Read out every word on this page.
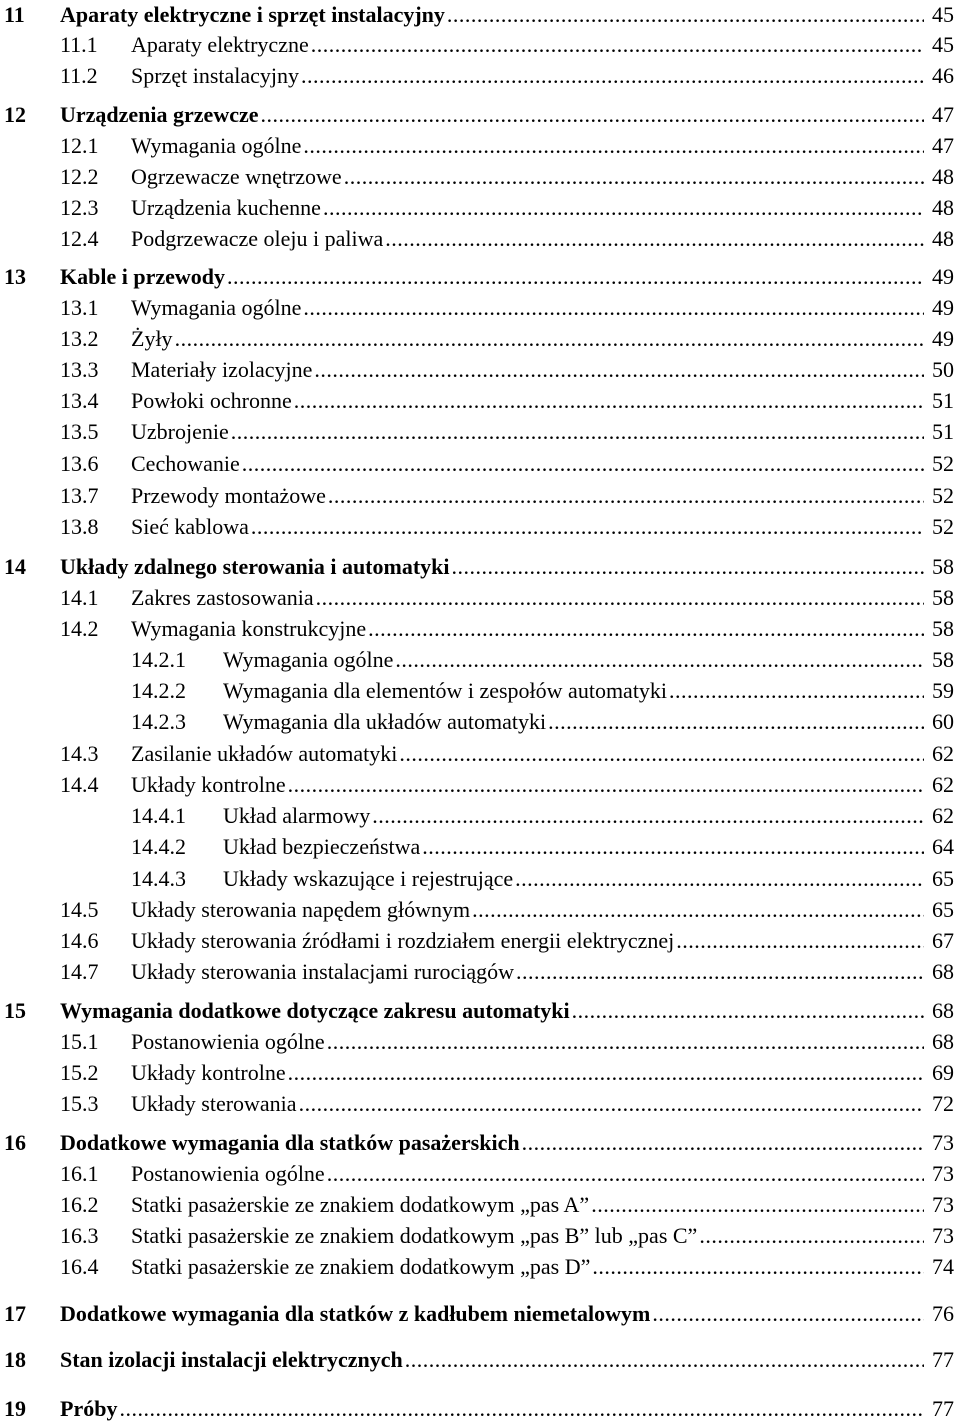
11	Aparaty elektryczne i sprzęt instalacyjny .....	45
11.1	Aparaty elektryczne .....	45
11.2	Sprzęt instalacyjny .....	46
12	Urządzenia grzewcze .....	47
12.1	Wymagania ogólne .....	47
12.2	Ogrzewacze wnętrzowe .....	48
12.3	Urządzenia kuchenne .....	48
12.4	Podgrzewacze oleju i paliwa .....	48
13	Kable i przewody .....	49
13.1	Wymagania ogólne .....	49
13.2	Żyły .....	49
13.3	Materiały izolacyjne .....	50
13.4	Powłoki ochronne .....	51
13.5	Uzbrojenie .....	51
13.6	Cechowanie .....	52
13.7	Przewody montażowe .....	52
13.8	Sieć kablowa .....	52
14	Układy zdalnego sterowania i automatyki .....	58
14.1	Zakres zastosowania .....	58
14.2	Wymagania konstrukcyjne .....	58
14.2.1	Wymagania ogólne .....	58
14.2.2	Wymagania dla elementów i zespołów automatyki .....	59
14.2.3	Wymagania dla układów automatyki .....	60
14.3	Zasilanie układów automatyki .....	62
14.4	Układy kontrolne .....	62
14.4.1	Układ alarmowy .....	62
14.4.2	Układ bezpieczeństwa .....	64
14.4.3	Układy wskazujące i rejestrujące .....	65
14.5	Układy sterowania napędem głównym .....	65
14.6	Układy sterowania źródłami i rozdziałem energii elektrycznej .....	67
14.7	Układy sterowania instalacjami rurociągów .....	68
15	Wymagania dodatkowe dotyczące zakresu automatyki .....	68
15.1	Postanowienia ogólne .....	68
15.2	Układy kontrolne .....	69
15.3	Układy sterowania .....	72
16	Dodatkowe wymagania dla statków pasażerskich .....	73
16.1	Postanowienia ogólne .....	73
16.2	Statki pasażerskie ze znakiem dodatkowym „pas A” .....	73
16.3	Statki pasażerskie ze znakiem dodatkowym „pas B” lub „pas C” .....	73
16.4	Statki pasażerskie ze znakiem dodatkowym „pas D” .....	74
17	Dodatkowe wymagania dla statków z kadłubem niemetalowym .....	76
18	Stan izolacji instalacji elektrycznych .....	77
19	Próby .....	77
